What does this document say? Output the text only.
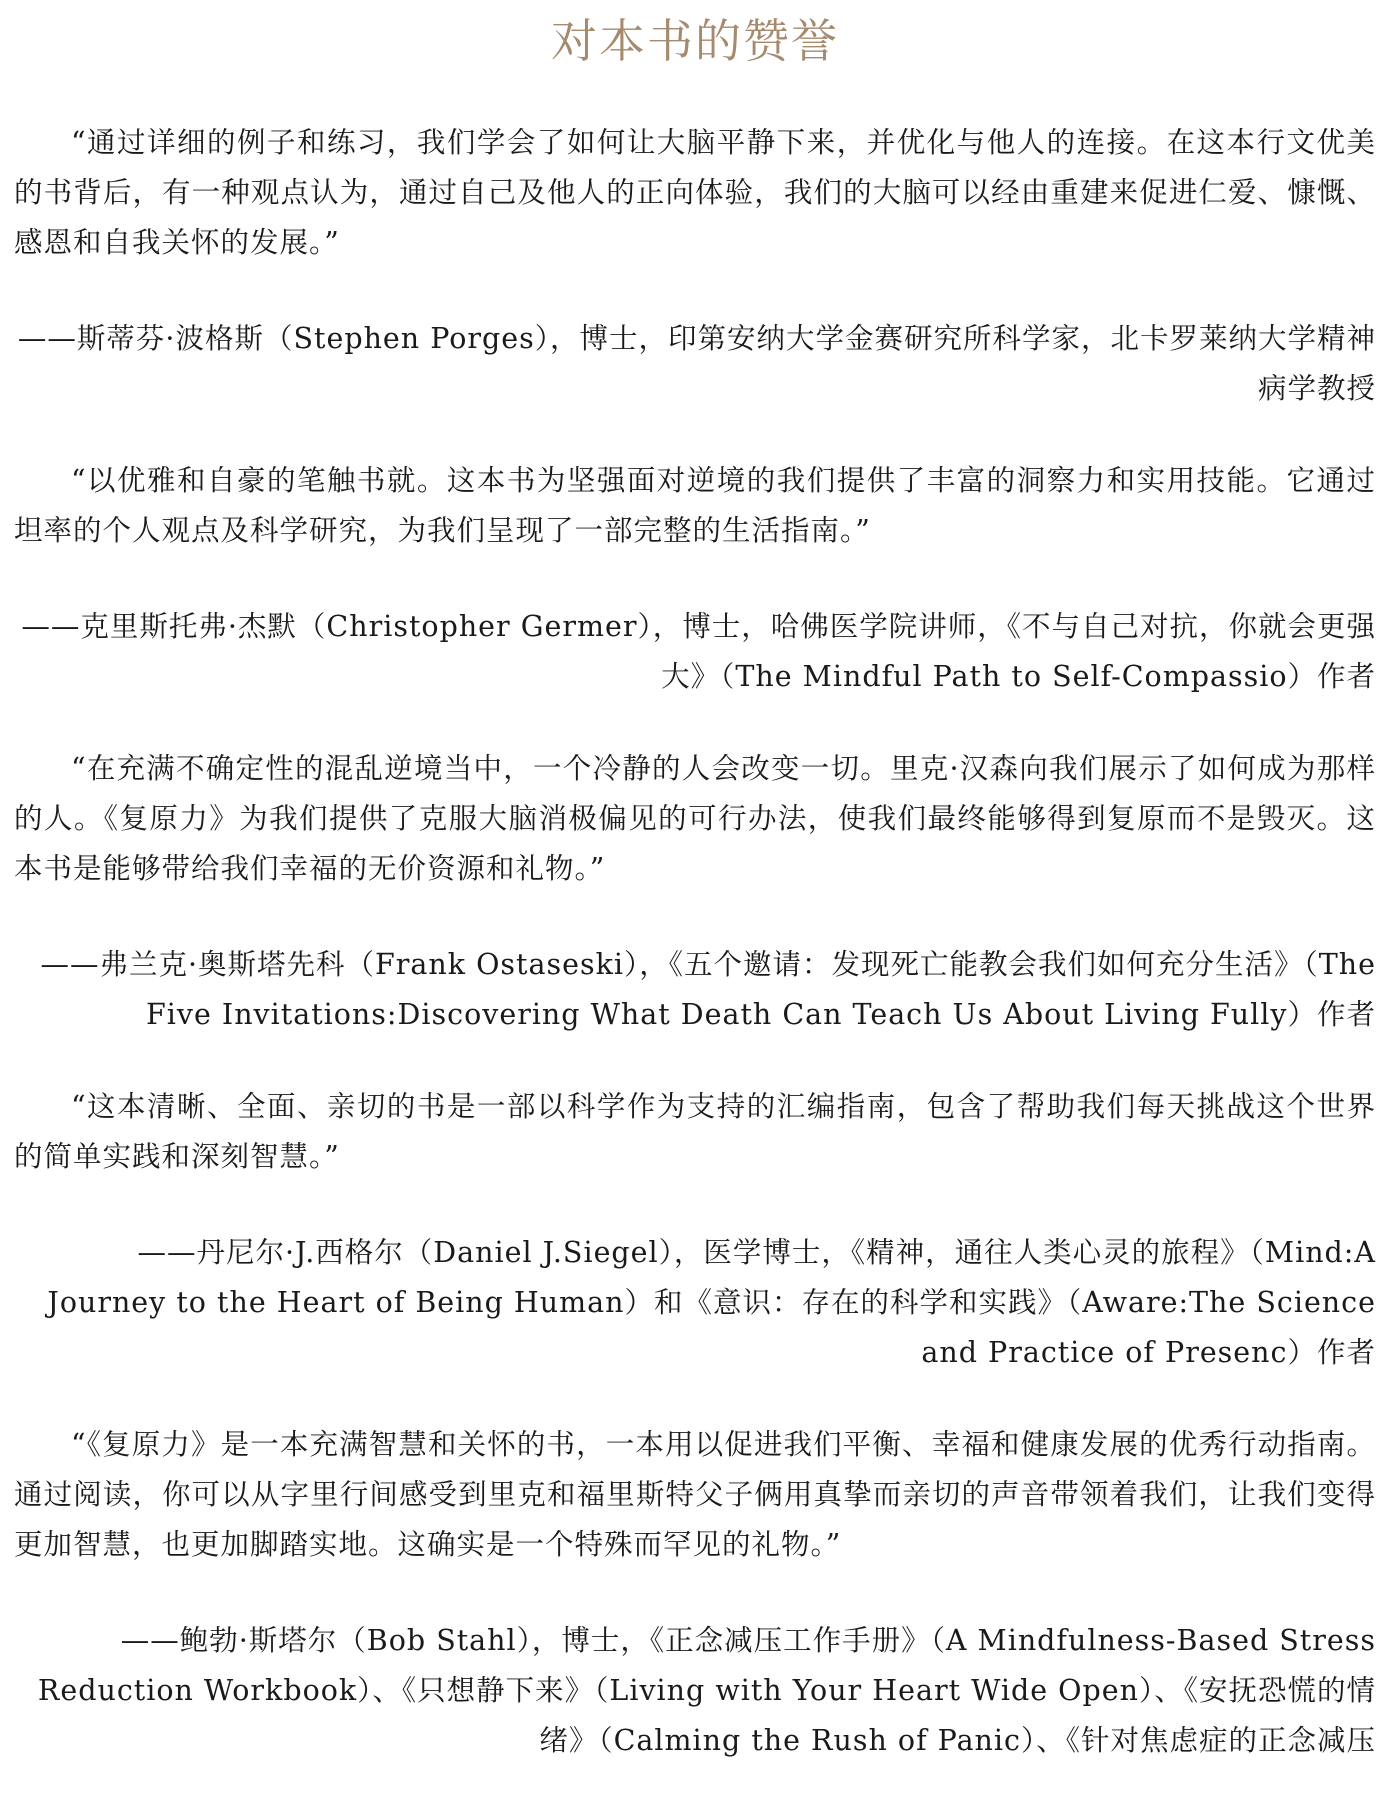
对本书的赞誉

“通过详细的例子和练习，我们学会了如何让大脑平静下来，并优化与他人的连接。在这本行文优美的书背后，有一种观点认为，通过自己及他人的正向体验，我们的大脑可以经由重建来促进仁爱、慷慨、感恩和自我关怀的发展。”

——斯蒂芬·波格斯（Stephen Porges），博士，印第安纳大学金赛研究所科学家，北卡罗莱纳大学精神病学教授

“以优雅和自豪的笔触书就。这本书为坚强面对逆境的我们提供了丰富的洞察力和实用技能。它通过坦率的个人观点及科学研究，为我们呈现了一部完整的生活指南。”

——克里斯托弗·杰默（Christopher Germer），博士，哈佛医学院讲师，《不与自己对抗，你就会更强大》（The Mindful Path to Self-Compassio）作者

“在充满不确定性的混乱逆境当中，一个冷静的人会改变一切。里克·汉森向我们展示了如何成为那样的人。《复原力》为我们提供了克服大脑消极偏见的可行办法，使我们最终能够得到复原而不是毁灭。这本书是能够带给我们幸福的无价资源和礼物。”

——弗兰克·奥斯塔先科（Frank Ostaseski），《五个邀请：发现死亡能教会我们如何充分生活》（The Five Invitations:Discovering What Death Can Teach Us About Living Fully）作者

“这本清晰、全面、亲切的书是一部以科学作为支持的汇编指南，包含了帮助我们每天挑战这个世界的简单实践和深刻智慧。”

——丹尼尔·J.西格尔（Daniel J.Siegel），医学博士，《精神，通往人类心灵的旅程》（Mind:A Journey to the Heart of Being Human）和《意识：存在的科学和实践》（Aware:The Science and Practice of Presenc）作者

“《复原力》是一本充满智慧和关怀的书，一本用以促进我们平衡、幸福和健康发展的优秀行动指南。通过阅读，你可以从字里行间感受到里克和福里斯特父子俩用真挚而亲切的声音带领着我们，让我们变得更加智慧，也更加脚踏实地。这确实是一个特殊而罕见的礼物。”

——鲍勃·斯塔尔（Bob Stahl），博士，《正念减压工作手册》（A Mindfulness-Based Stress Reduction Workbook）、《只想静下来》（Living with Your Heart Wide Open）、《安抚恐慌的情绪》（Calming the Rush of Panic）、《针对焦虑症的正念减压
